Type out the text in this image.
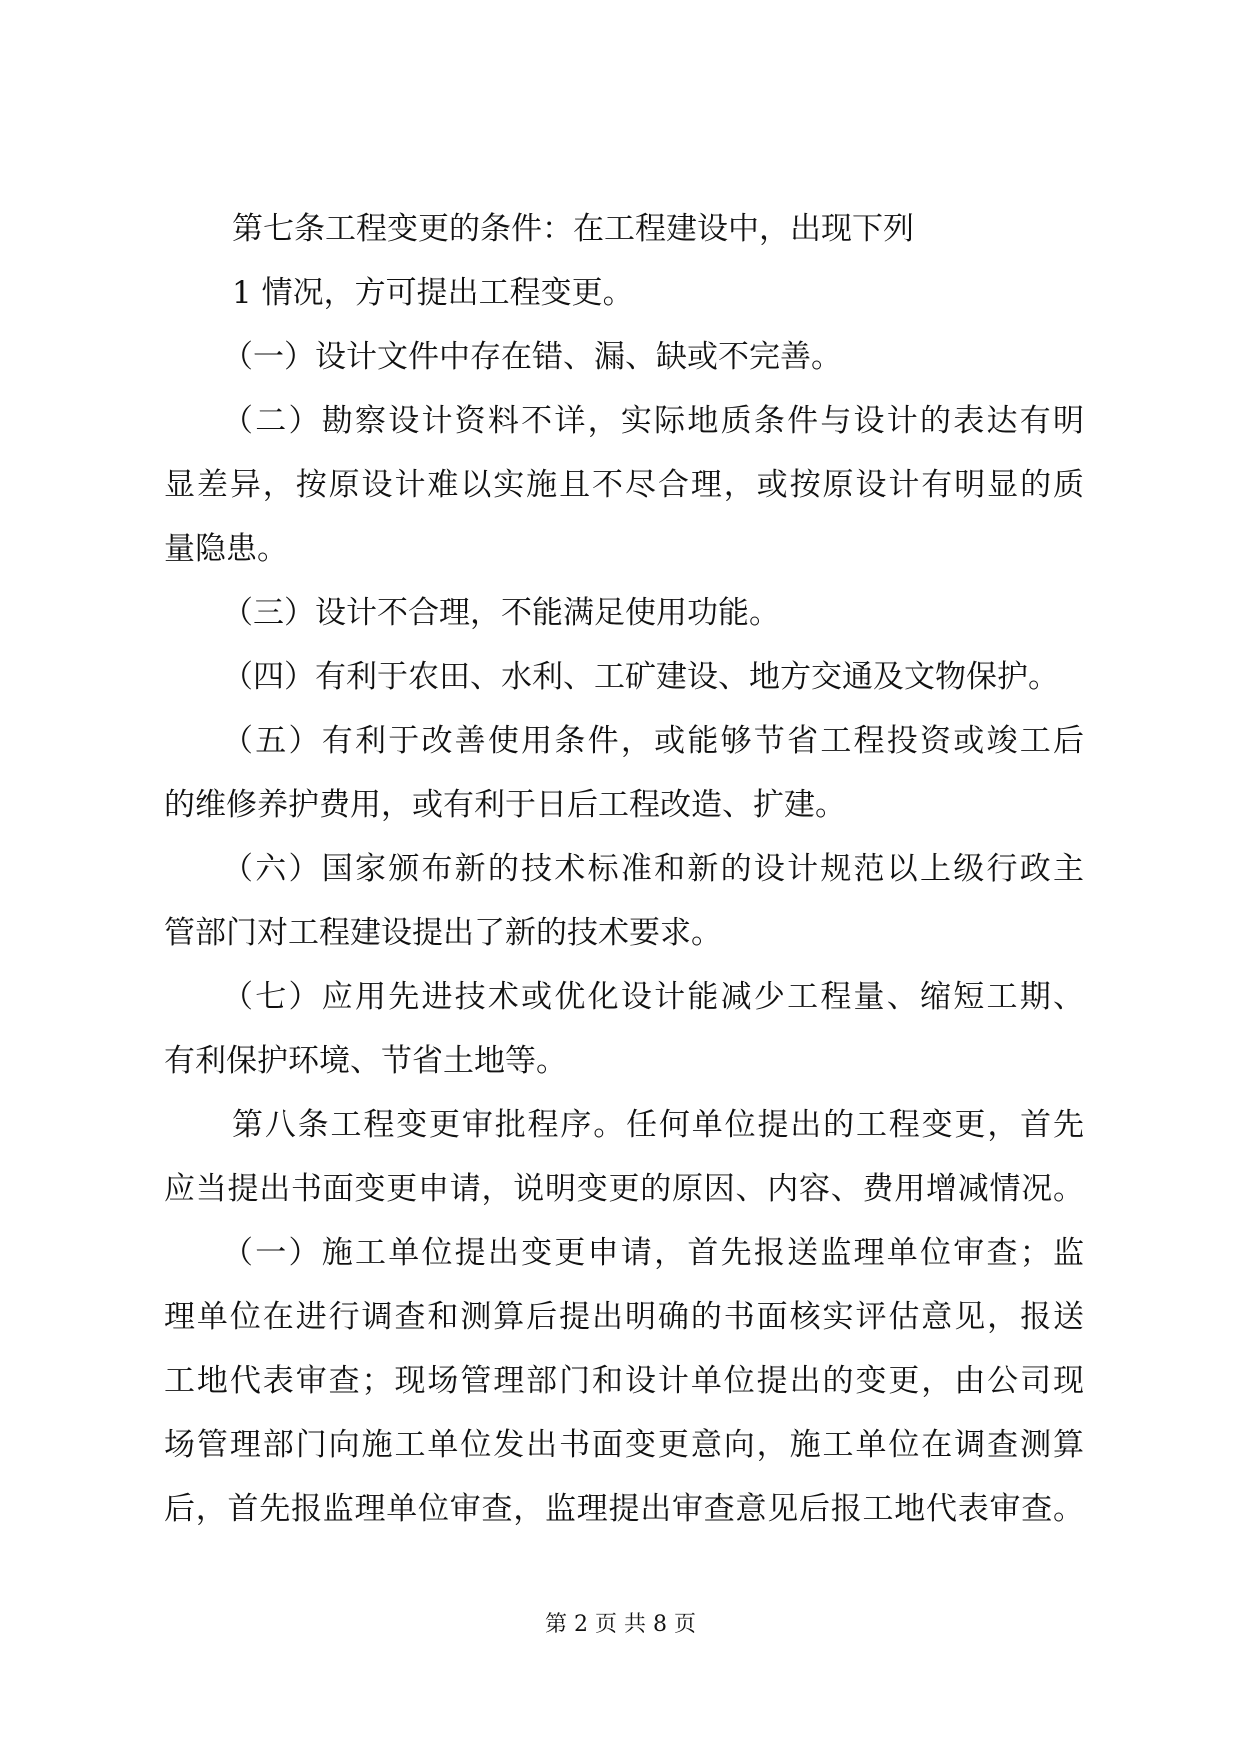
第七条工程变更的条件：在工程建设中，出现下列
1 情况，方可提出工程变更。
（一）设计文件中存在错、漏、缺或不完善。
（二）勘察设计资料不详，实际地质条件与设计的表达有明
显差异，按原设计难以实施且不尽合理，或按原设计有明显的质
量隐患。
（三）设计不合理，不能满足使用功能。
（四）有利于农田、水利、工矿建设、地方交通及文物保护。
（五）有利于改善使用条件，或能够节省工程投资或竣工后
的维修养护费用，或有利于日后工程改造、扩建。
（六）国家颁布新的技术标准和新的设计规范以上级行政主
管部门对工程建设提出了新的技术要求。
（七）应用先进技术或优化设计能减少工程量、缩短工期、
有利保护环境、节省土地等。
第八条工程变更审批程序。任何单位提出的工程变更，首先
应当提出书面变更申请，说明变更的原因、内容、费用增减情况。
（一）施工单位提出变更申请，首先报送监理单位审查；监
理单位在进行调查和测算后提出明确的书面核实评估意见，报送
工地代表审查；现场管理部门和设计单位提出的变更，由公司现
场管理部门向施工单位发出书面变更意向，施工单位在调查测算
后，首先报监理单位审查，监理提出审查意见后报工地代表审查。
第 2 页 共 8 页
